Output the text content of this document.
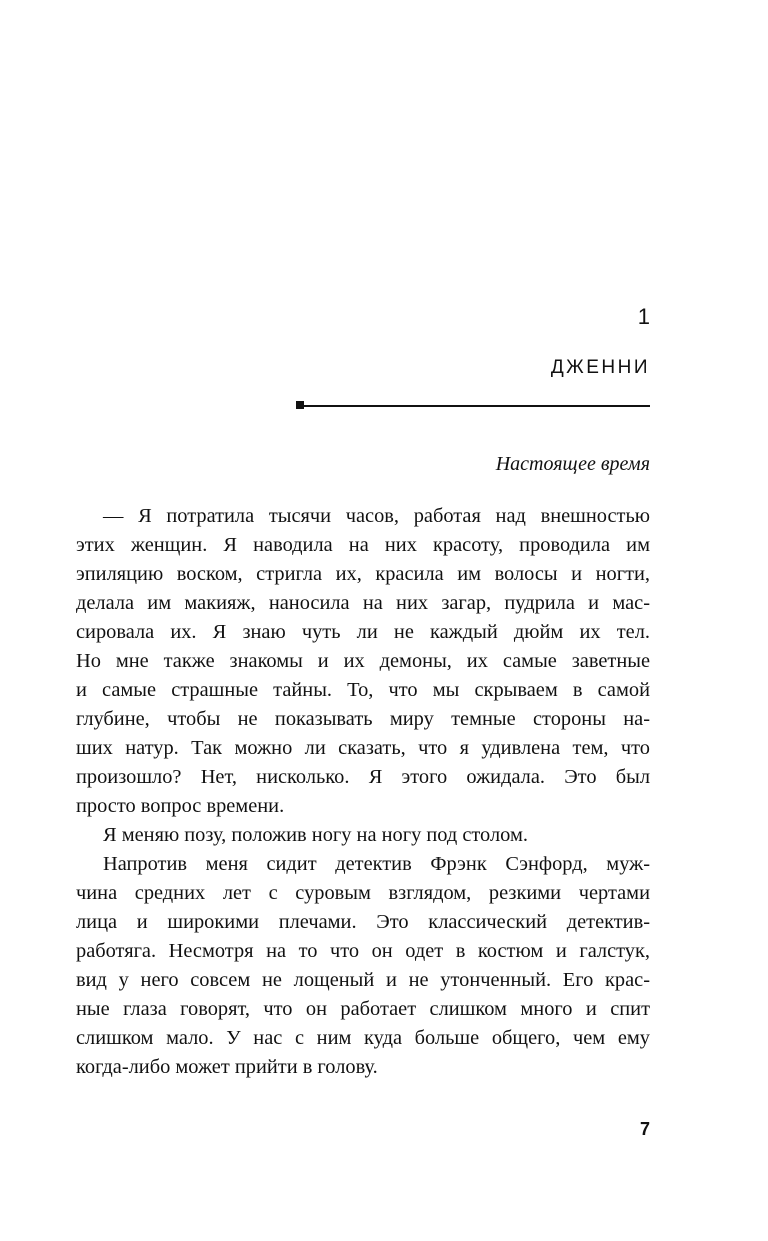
1
ДЖЕННИ
Настоящее время
— Я потратила тысячи часов, работая над внешностью
этих женщин. Я наводила на них красоту, проводила им
эпиляцию воском, стригла их, красила им волосы и ногти,
делала им макияж, наносила на них загар, пудрила и мас-
сировала их. Я знаю чуть ли не каждый дюйм их тел.
Но мне также знакомы и их демоны, их самые заветные
и самые страшные тайны. То, что мы скрываем в самой
глубине, чтобы не показывать миру темные стороны на-
ших натур. Так можно ли сказать, что я удивлена тем, что
произошло? Нет, нисколько. Я этого ожидала. Это был
просто вопрос времени.
Я меняю позу, положив ногу на ногу под столом.
Напротив меня сидит детектив Фрэнк Сэнфорд, муж-
чина средних лет с суровым взглядом, резкими чертами
лица и широкими плечами. Это классический детектив-
работяга. Несмотря на то что он одет в костюм и галстук,
вид у него совсем не лощеный и не утонченный. Его крас-
ные глаза говорят, что он работает слишком много и спит
слишком мало. У нас с ним куда больше общего, чем ему
когда-либо может прийти в голову.
7
